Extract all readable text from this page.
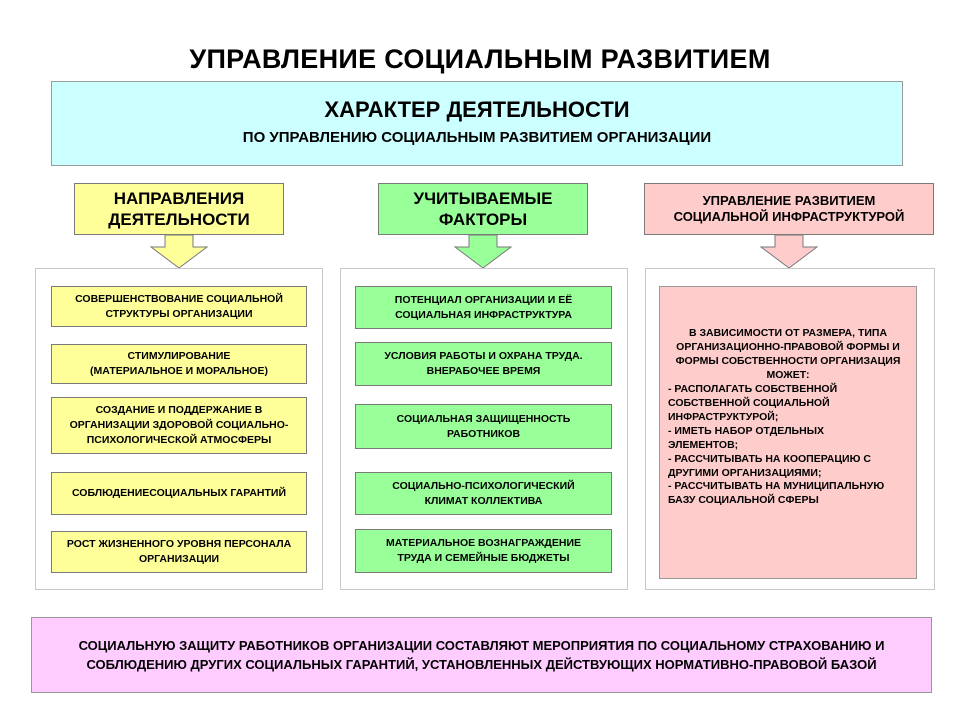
УПРАВЛЕНИЕ СОЦИАЛЬНЫМ РАЗВИТИЕМ
ХАРАКТЕР ДЕЯТЕЛЬНОСТИ
ПО УПРАВЛЕНИЮ СОЦИАЛЬНЫМ РАЗВИТИЕМ ОРГАНИЗАЦИИ
НАПРАВЛЕНИЯ
ДЕЯТЕЛЬНОСТИ
УЧИТЫВАЕМЫЕ
ФАКТОРЫ
УПРАВЛЕНИЕ РАЗВИТИЕМ
СОЦИАЛЬНОЙ ИНФРАСТРУКТУРОЙ
СОВЕРШЕНСТВОВАНИЕ СОЦИАЛЬНОЙ
СТРУКТУРЫ ОРГАНИЗАЦИИ
СТИМУЛИРОВАНИЕ
(МАТЕРИАЛЬНОЕ И МОРАЛЬНОЕ)
СОЗДАНИЕ И ПОДДЕРЖАНИЕ В
ОРГАНИЗАЦИИ ЗДОРОВОЙ СОЦИАЛЬНО-
ПСИХОЛОГИЧЕСКОЙ АТМОСФЕРЫ
СОБЛЮДЕНИЕСОЦИАЛЬНЫХ ГАРАНТИЙ
РОСТ ЖИЗНЕННОГО УРОВНЯ ПЕРСОНАЛА
ОРГАНИЗАЦИИ
ПОТЕНЦИАЛ ОРГАНИЗАЦИИ И ЕЁ
СОЦИАЛЬНАЯ ИНФРАСТРУКТУРА
УСЛОВИЯ РАБОТЫ И ОХРАНА ТРУДА.
ВНЕРАБОЧЕЕ ВРЕМЯ
СОЦИАЛЬНАЯ ЗАЩИЩЕННОСТЬ
РАБОТНИКОВ
СОЦИАЛЬНО-ПСИХОЛОГИЧЕСКИЙ
КЛИМАТ КОЛЛЕКТИВА
МАТЕРИАЛЬНОЕ ВОЗНАГРАЖДЕНИЕ
ТРУДА И СЕМЕЙНЫЕ БЮДЖЕТЫ
В ЗАВИСИМОСТИ ОТ РАЗМЕРА, ТИПА
ОРГАНИЗАЦИОННО-ПРАВОВОЙ ФОРМЫ И
ФОРМЫ СОБСТВЕННОСТИ ОРГАНИЗАЦИЯ
МОЖЕТ:
- РАСПОЛАГАТЬ СОБСТВЕННОЙ
СОБСТВЕННОЙ СОЦИАЛЬНОЙ
ИНФРАСТРУКТУРОЙ;
- ИМЕТЬ НАБОР ОТДЕЛЬНЫХ
ЭЛЕМЕНТОВ;
- РАССЧИТЫВАТЬ НА КООПЕРАЦИЮ С
ДРУГИМИ ОРГАНИЗАЦИЯМИ;
- РАССЧИТЫВАТЬ НА МУНИЦИПАЛЬНУЮ
БАЗУ СОЦИАЛЬНОЙ СФЕРЫ
СОЦИАЛЬНУЮ ЗАЩИТУ РАБОТНИКОВ ОРГАНИЗАЦИИ СОСТАВЛЯЮТ МЕРОПРИЯТИЯ ПО СОЦИАЛЬНОМУ СТРАХОВАНИЮ И
СОБЛЮДЕНИЮ ДРУГИХ СОЦИАЛЬНЫХ ГАРАНТИЙ, УСТАНОВЛЕННЫХ ДЕЙСТВУЮЩИХ НОРМАТИВНО-ПРАВОВОЙ БАЗОЙ
